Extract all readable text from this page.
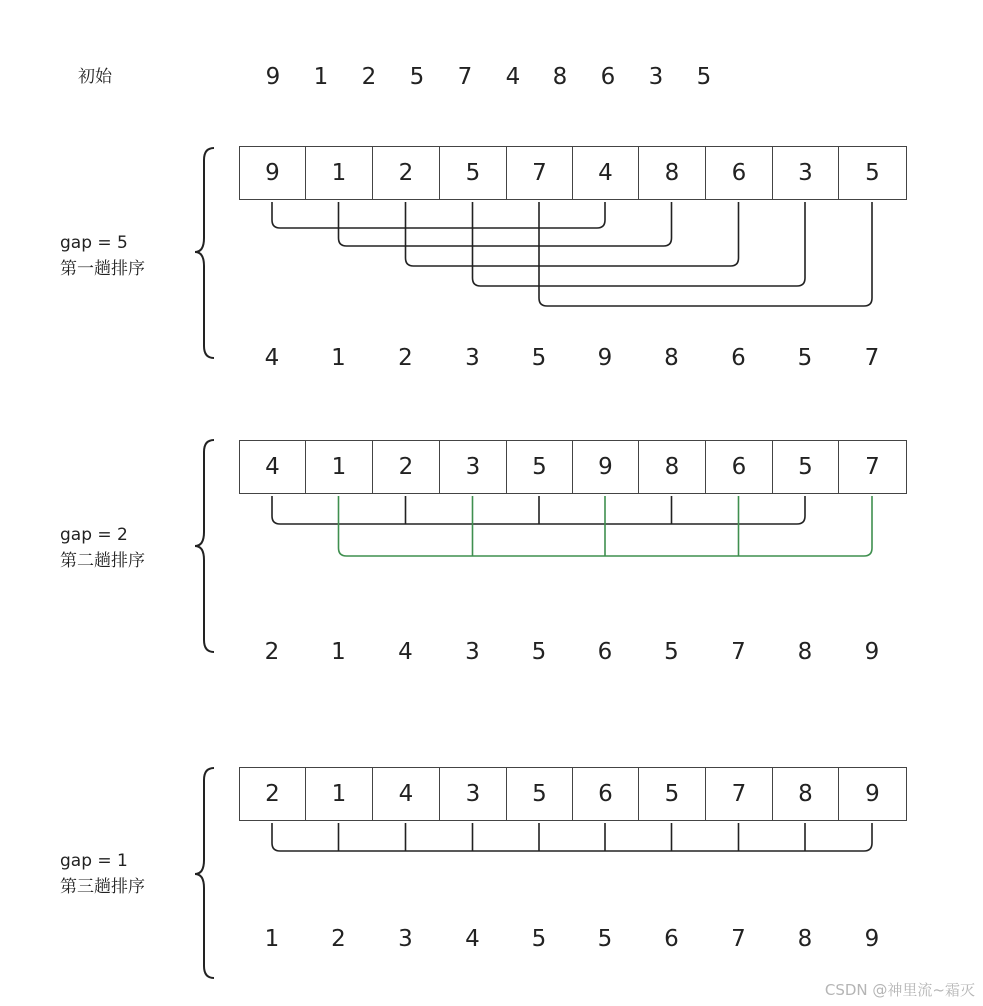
初始	9	1	2	5	7	4	8	6	3	5
gap = 5
第一趟排序
9	1	2	5	7	4	8	6	3	5
4	1	2	3	5	9	8	6	5	7
gap = 2
第二趟排序
4	1	2	3	5	9	8	6	5	7
2	1	4	3	5	6	5	7	8	9
gap = 1
第三趟排序
2	1	4	3	5	6	5	7	8	9
1	2	3	4	5	5	6	7	8	9
CSDN @神里流~霜灭
